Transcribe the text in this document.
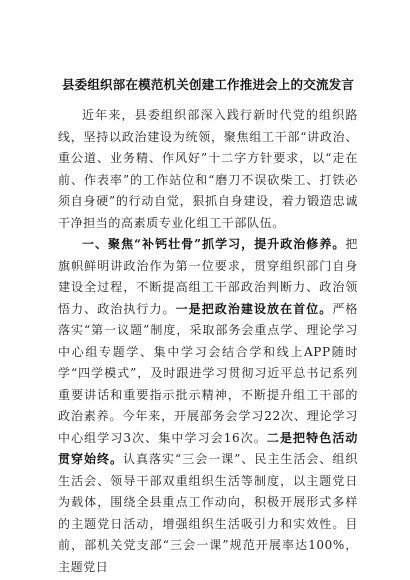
县委组织部在模范机关创建工作推进会上的交流发言

近年来，县委组织部深入践行新时代党的组织路线，坚持以政治建设为统领，聚焦组工干部“讲政治、重公道、业务精、作风好”十二字方针要求，以“走在前、作表率”的工作站位和“磨刀不误砍柴工、打铁必须自身硬”的行动自觉，狠抓自身建设，着力锻造忠诚干净担当的高素质专业化组工干部队伍。

一、聚焦“补钙壮骨”抓学习，提升政治修养。把旗帜鲜明讲政治作为第一位要求，贯穿组织部门自身建设全过程，不断提高组工干部政治判断力、政治领悟力、政治执行力。一是把政治建设放在首位。严格落实“第一议题”制度，采取部务会重点学、理论学习中心组专题学、集中学习会结合学和线上APP随时学“四学模式”，及时跟进学习贯彻习近平总书记系列重要讲话和重要指示批示精神，不断提升组工干部的政治素养。今年来，开展部务会学习22次、理论学习中心组学习3次、集中学习会16次。二是把特色活动贯穿始终。认真落实“三会一课”、民主生活会、组织生活会、领导干部双重组织生活等制度，以主题党日为载体，围绕全县重点工作动向，积极开展形式多样的主题党日活动，增强组织生活吸引力和实效性。目前，部机关党支部“三会一课”规范开展率达100%，主题党日
